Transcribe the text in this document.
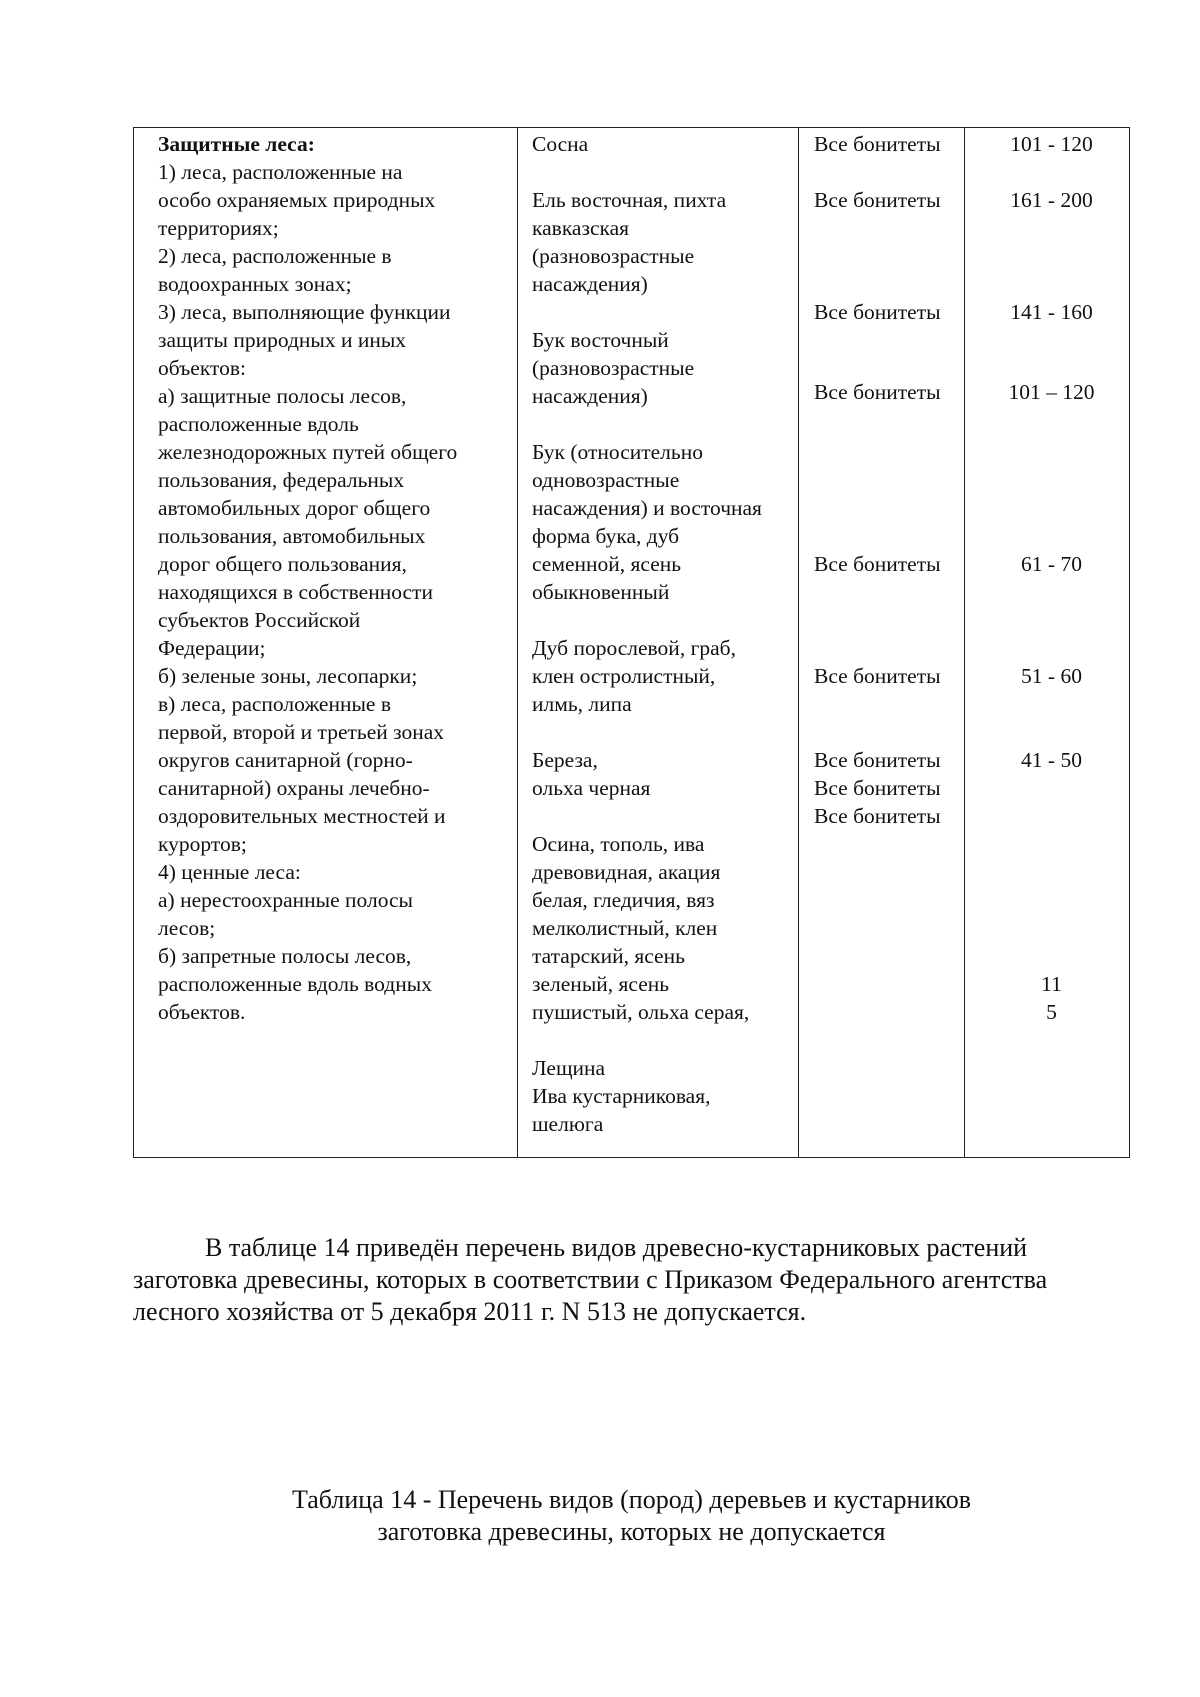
Защитные леса:
1) леса, расположенные на
особо охраняемых природных
территориях;
2) леса, расположенные в
водоохранных зонах;
3) леса, выполняющие функции
защиты природных и иных
объектов:
а) защитные полосы лесов,
расположенные вдоль
железнодорожных путей общего
пользования, федеральных
автомобильных дорог общего
пользования, автомобильных
дорог общего пользования,
находящихся в собственности
субъектов Российской
Федерации;
б) зеленые зоны, лесопарки;
в) леса, расположенные в
первой, второй и третьей зонах
округов санитарной (горно-
санитарной) охраны лечебно-
оздоровительных местностей и
курортов;
4) ценные леса:
а) нерестоохранные полосы
лесов;
б) запретные полосы лесов,
расположенные вдоль водных
объектов.
Сосна
Ель восточная, пихта
кавказская
(разновозрастные
насаждения)
Бук восточный
(разновозрастные
насаждения)
Бук (относительно
одновозрастные
насаждения) и восточная
форма бука, дуб
семенной, ясень
обыкновенный
Дуб порослевой, граб,
клен остролистный,
илмь, липа
Береза,
ольха черная
Осина, тополь, ива
древовидная, акация
белая, гледичия, вяз
мелколистный, клен
татарский, ясень
зеленый, ясень
пушистый, ольха серая,
Лещина
Ива кустарниковая,
шелюга
Все бонитеты
Все бонитеты
Все бонитеты
Все бонитеты
Все бонитеты
Все бонитеты
Все бонитеты
Все бонитеты
Все бонитеты
101 - 120
161 - 200
141 - 160
101 – 120
61 - 70
51 - 60
41 - 50
11
5
В таблице 14 приведён перечень видов древесно-кустарниковых растений
заготовка древесины, которых в соответствии с Приказом Федерального агентства
лесного хозяйства от 5 декабря 2011 г. N 513 не допускается.
Таблица 14 - Перечень видов (пород) деревьев и кустарников
заготовка древесины, которых не допускается
